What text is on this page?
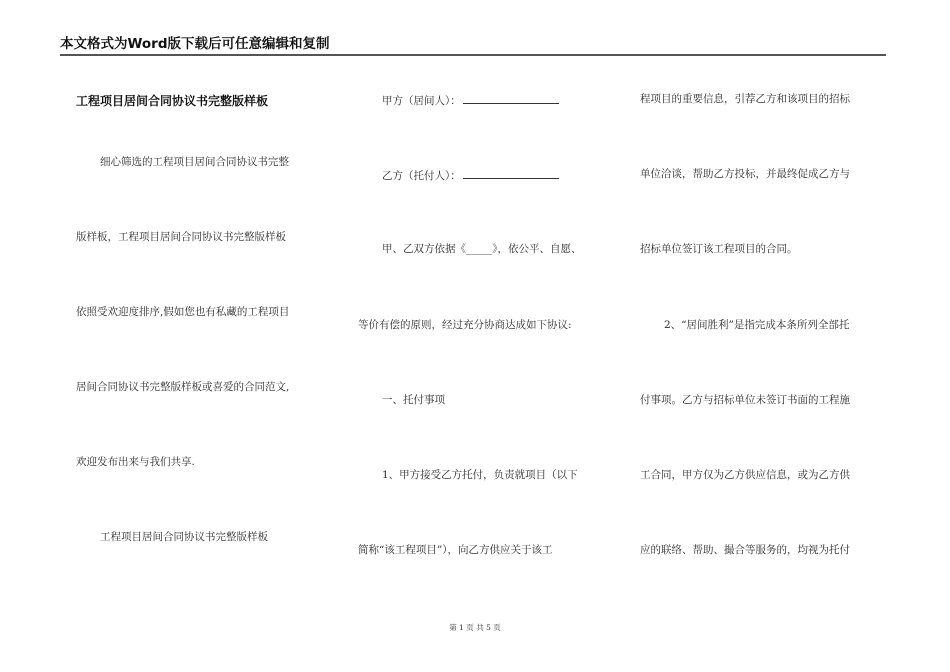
本文格式为Word版下载后可任意编辑和复制
工程项目居间合同协议书完整版样板
细心筛选的工程项目居间合同协议书完整
版样板，工程项目居间合同协议书完整版样板
依照受欢迎度排序,假如您也有私藏的工程项目
居间合同协议书完整版样板或喜爱的合同范文,
欢迎发布出来与我们共享.
工程项目居间合同协议书完整版样板
甲方（居间人）：
乙方（托付人）：
甲、乙双方依据《_____》，依公平、自愿、
等价有偿的原则，经过充分协商达成如下协议:
一、托付事项
1、甲方接受乙方托付，负责就项目（以下
简称“该工程项目”），向乙方供应关于该工
程项目的重要信息，引荐乙方和该项目的招标
单位洽谈，帮助乙方投标，并最终促成乙方与
招标单位签订该工程项目的合同。
2、“居间胜利”是指完成本条所列全部托
付事项。乙方与招标单位未签订书面的工程施
工合同，甲方仅为乙方供应信息，或为乙方供
应的联络、帮助、撮合等服务的，均视为托付
第 1 页 共 5 页
